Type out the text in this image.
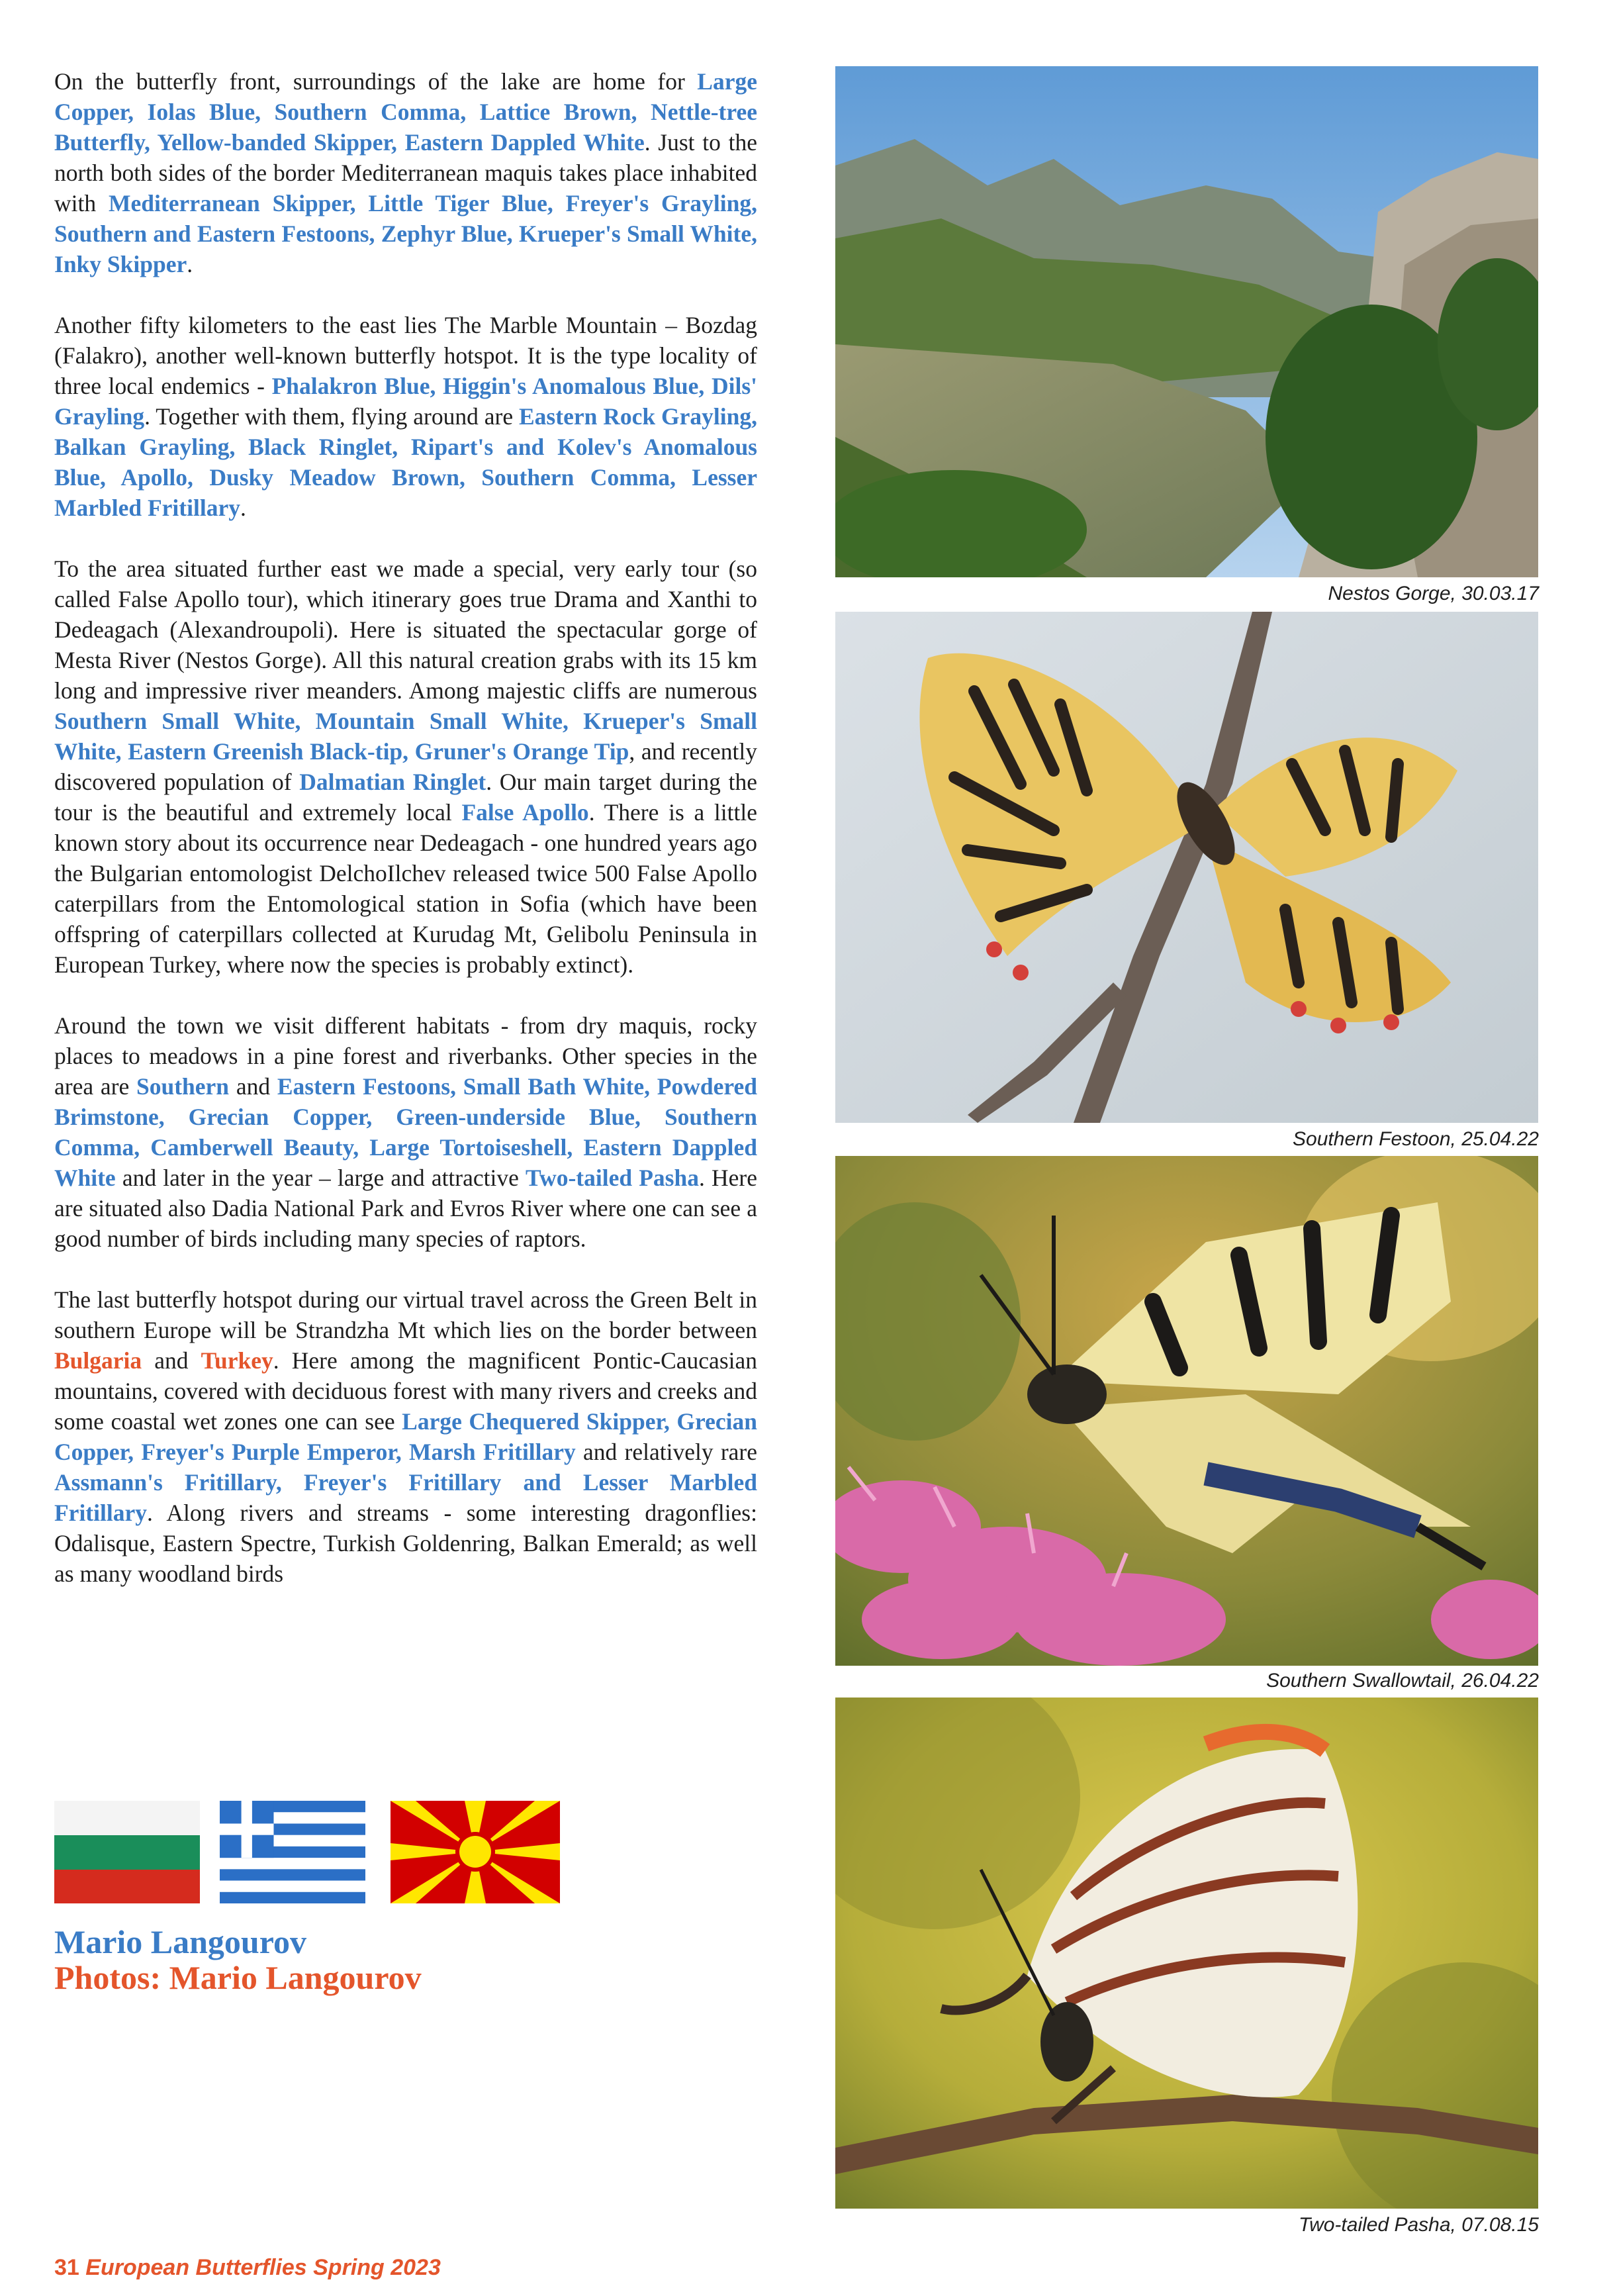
On the butterfly front, surroundings of the lake are home for Large Copper, Iolas Blue, Southern Comma, Lattice Brown, Nettle-tree Butterfly, Yellow-banded Skipper, Eastern Dappled White. Just to the north both sides of the border Mediterranean maquis takes place inhabited with Mediterranean Skipper, Little Tiger Blue, Freyer's Grayling, Southern and Eastern Festoons, Zephyr Blue, Krueper's Small White, Inky Skipper.

Another fifty kilometers to the east lies The Marble Mountain – Bozdag (Falakro), another well-known butterfly hotspot. It is the type locality of three local endemics - Phalakron Blue, Higgin's Anomalous Blue, Dils' Grayling. Together with them, flying around are Eastern Rock Grayling, Balkan Grayling, Black Ringlet, Ripart's and Kolev's Anomalous Blue, Apollo, Dusky Meadow Brown, Southern Comma, Lesser Marbled Fritillary.

To the area situated further east we made a special, very early tour (so called False Apollo tour), which itinerary goes true Drama and Xanthi to Dedeagach (Alexandroupoli). Here is situated the spectacular gorge of Mesta River (Nestos Gorge). All this natural creation grabs with its 15 km long and impressive river meanders. Among majestic cliffs are numerous Southern Small White, Mountain Small White, Krueper's Small White, Eastern Greenish Black-tip, Gruner's Orange Tip, and recently discovered population of Dalmatian Ringlet. Our main target during the tour is the beautiful and extremely local False Apollo. There is a little known story about its occurrence near Dedeagach - one hundred years ago the Bulgarian entomologist DelchoIlchev released twice 500 False Apollo caterpillars from the Entomological station in Sofia (which have been offspring of caterpillars collected at Kurudag Mt, Gelibolu Peninsula in European Turkey, where now the species is probably extinct).

Around the town we visit different habitats - from dry maquis, rocky places to meadows in a pine forest and riverbanks. Other species in the area are Southern and Eastern Festoons, Small Bath White, Powdered Brimstone, Grecian Copper, Green-underside Blue, Southern Comma, Camberwell Beauty, Large Tortoiseshell, Eastern Dappled White and later in the year – large and attractive Two-tailed Pasha. Here are situated also Dadia National Park and Evros River where one can see a good number of birds including many species of raptors.

The last butterfly hotspot during our virtual travel across the Green Belt in southern Europe will be Strandzha Mt which lies on the border between Bulgaria and Turkey. Here among the magnificent Pontic-Caucasian mountains, covered with deciduous forest with many rivers and creeks and some coastal wet zones one can see Large Chequered Skipper, Grecian Copper, Freyer's Purple Emperor, Marsh Fritillary and relatively rare Assmann's Fritillary, Freyer's Fritillary and Lesser Marbled Fritillary. Along rivers and streams - some interesting dragonflies: Odalisque, Eastern Spectre, Turkish Goldenring, Balkan Emerald; as well as many woodland birds

Mario Langourov
Photos: Mario Langourov
Nestos Gorge, 30.03.17
Southern Festoon, 25.04.22
Southern Swallowtail, 26.04.22
Two-tailed Pasha, 07.08.15
31 European Butterflies Spring 2023
